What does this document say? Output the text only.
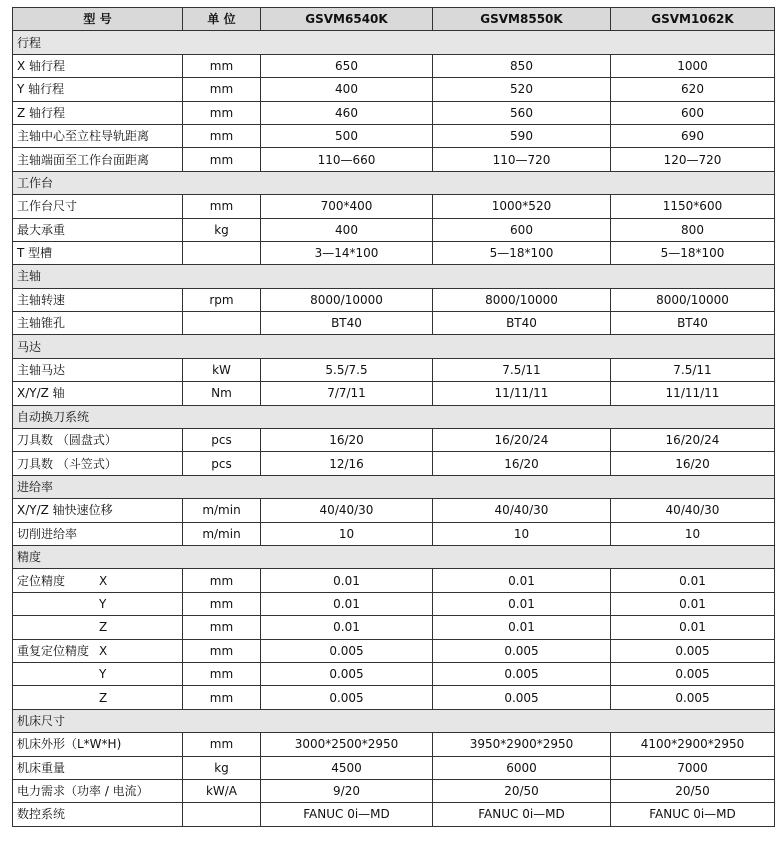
型 号	单 位	GSVM6540K	GSVM8550K	GSVM1062K
行程				
X 轴行程	mm	650	850	1000
Y 轴行程	mm	400	520	620
Z 轴行程	mm	460	560	600
主轴中心至立柱导轨距离	mm	500	590	690
主轴端面至工作台面距离	mm	110—660	110—720	120—720
工作台				
工作台尺寸	mm	700*400	1000*520	1150*600
最大承重	kg	400	600	800
T 型槽		3—14*100	5—18*100	5—18*100
主轴				
主轴转速	rpm	8000/10000	8000/10000	8000/10000
主轴锥孔		BT40	BT40	BT40
马达				
主轴马达	kW	5.5/7.5	7.5/11	7.5/11
X/Y/Z 轴	Nm	7/7/11	11/11/11	11/11/11
自动换刀系统				
刀具数 （圆盘式）	pcs	16/20	16/20/24	16/20/24
刀具数 （斗笠式）	pcs	12/16	16/20	16/20
进给率				
X/Y/Z 轴快速位移	m/min	40/40/30	40/40/30	40/40/30
切削进给率	m/min	10	10	10
精度				
定位精度 X	mm	0.01	0.01	0.01
Y	mm	0.01	0.01	0.01
Z	mm	0.01	0.01	0.01
重复定位精度 X	mm	0.005	0.005	0.005
Y	mm	0.005	0.005	0.005
Z	mm	0.005	0.005	0.005
机床尺寸				
机床外形（L*W*H)	mm	3000*2500*2950	3950*2900*2950	4100*2900*2950
机床重量	kg	4500	6000	7000
电力需求（功率 / 电流）	kW/A	9/20	20/50	20/50
数控系统		FANUC 0i—MD	FANUC 0i—MD	FANUC 0i—MD
